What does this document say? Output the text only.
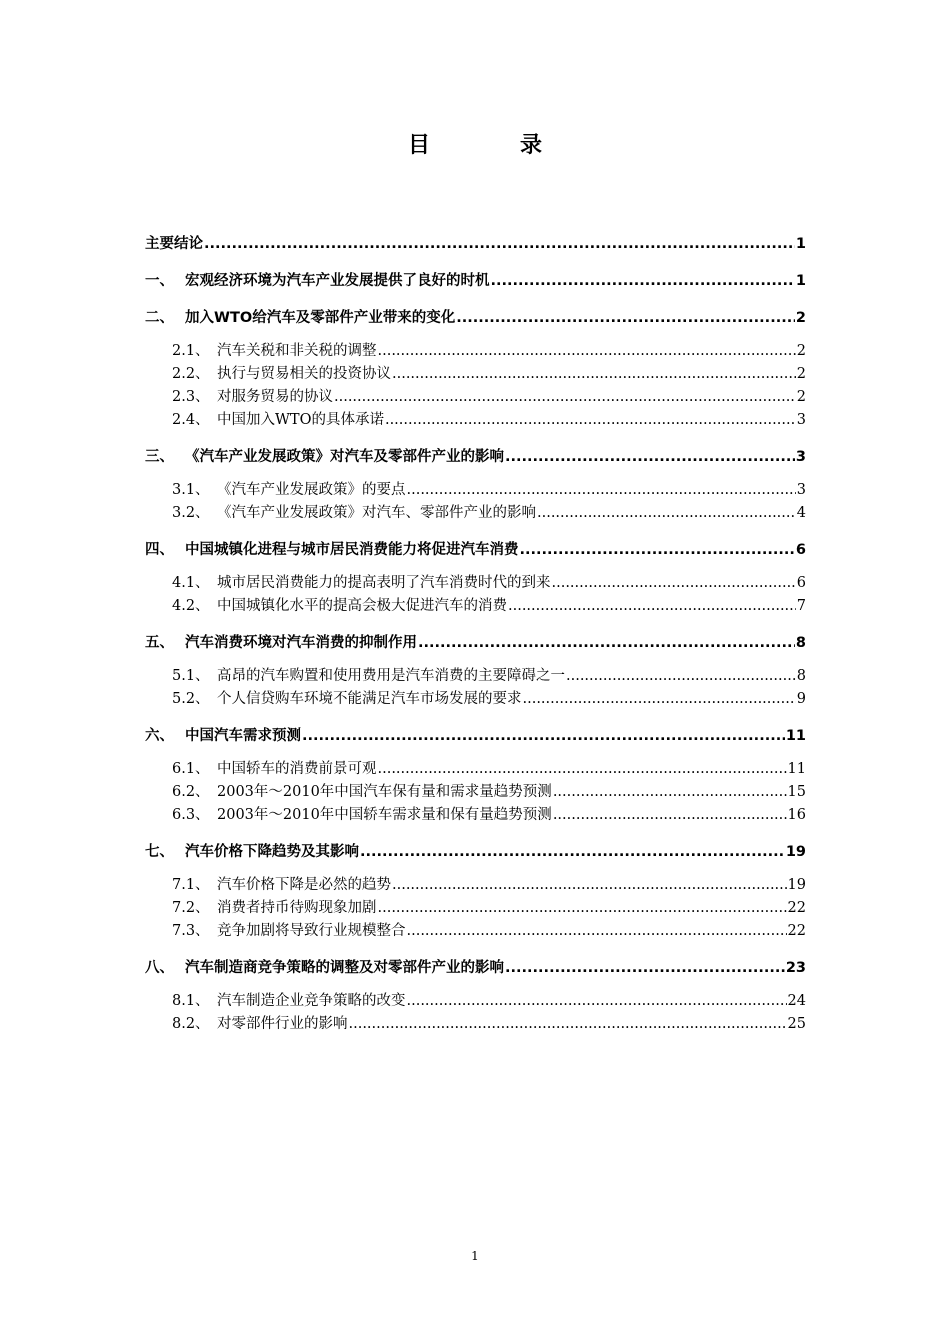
目　录
主要结论 .....	1
一、 宏观经济环境为汽车产业发展提供了良好的时机 .....	1
二、 加入WTO给汽车及零部件产业带来的变化 .....	2
2.1、 汽车关税和非关税的调整 .....	2
2.2、 执行与贸易相关的投资协议 .....	2
2.3、 对服务贸易的协议 .....	2
2.4、 中国加入WTO的具体承诺 .....	3
三、 《汽车产业发展政策》对汽车及零部件产业的影响 .....	3
3.1、 《汽车产业发展政策》的要点 .....	3
3.2、 《汽车产业发展政策》对汽车、零部件产业的影响 .....	4
四、 中国城镇化进程与城市居民消费能力将促进汽车消费 .....	6
4.1、 城市居民消费能力的提高表明了汽车消费时代的到来 .....	6
4.2、 中国城镇化水平的提高会极大促进汽车的消费 .....	7
五、 汽车消费环境对汽车消费的抑制作用 .....	8
5.1、 高昂的汽车购置和使用费用是汽车消费的主要障碍之一 .....	8
5.2、 个人信贷购车环境不能满足汽车市场发展的要求 .....	9
六、 中国汽车需求预测 .....	11
6.1、 中国轿车的消费前景可观 .....	11
6.2、 2003年～2010年中国汽车保有量和需求量趋势预测 .....	15
6.3、 2003年～2010年中国轿车需求量和保有量趋势预测 .....	16
七、 汽车价格下降趋势及其影响 .....	19
7.1、 汽车价格下降是必然的趋势 .....	19
7.2、 消费者持币待购现象加剧 .....	22
7.3、 竞争加剧将导致行业规模整合 .....	22
八、 汽车制造商竞争策略的调整及对零部件产业的影响 .....	23
8.1、 汽车制造企业竞争策略的改变 .....	24
8.2、 对零部件行业的影响 .....	25
1
